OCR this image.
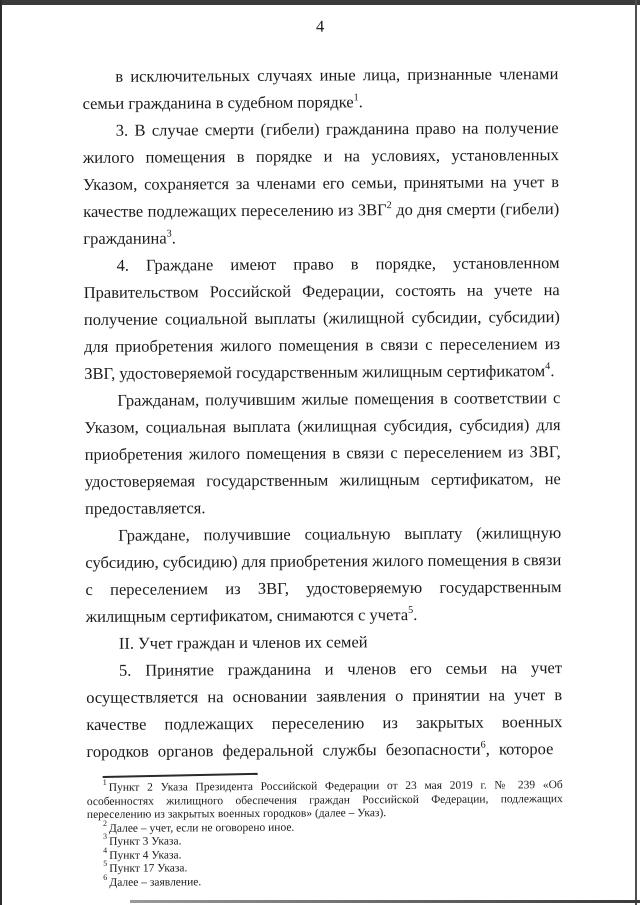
4

в исключительных случаях иные лица, признанные членами семьи гражданина в судебном порядке$^1$.

3. В случае смерти (гибели) гражданина право на получение жилого помещения в порядке и на условиях, установленных Указом, сохраняется за членами его семьи, принятыми на учет в качестве подлежащих переселению из ЗВГ$^2$ до дня смерти (гибели) гражданина$^3$.

4. Граждане имеют право в порядке, установленном Правительством Российской Федерации, состоять на учете на получение социальной выплаты (жилищной субсидии, субсидии) для приобретения жилого помещения в связи с переселением из ЗВГ, удостоверяемой государственным жилищным сертификатом$^4$.

Гражданам, получившим жилые помещения в соответствии с Указом, социальная выплата (жилищная субсидия, субсидия) для приобретения жилого помещения в связи с переселением из ЗВГ, удостоверяемая государственным жилищным сертификатом, не предоставляется.

Граждане, получившие социальную выплату (жилищную субсидию, субсидию) для приобретения жилого помещения в связи с переселением из ЗВГ, удостоверяемую государственным жилищным сертификатом, снимаются с учета$^5$.

II. Учет граждан и членов их семей

5. Принятие гражданина и членов его семьи на учет осуществляется на основании заявления о принятии на учет в качестве подлежащих переселению из закрытых военных городков органов федеральной службы безопасности$^6$, которое

$^1$ Пункт 2 Указа Президента Российской Федерации от 23 мая 2019 г. № 239 «Об особенностях жилищного обеспечения граждан Российской Федерации, подлежащих переселению из закрытых военных городков» (далее – Указ).

$^2$ Далее – учет, если не оговорено иное.

$^3$ Пункт 3 Указа.

$^4$ Пункт 4 Указа.

$^5$ Пункт 17 Указа.

$^6$ Далее – заявление.
